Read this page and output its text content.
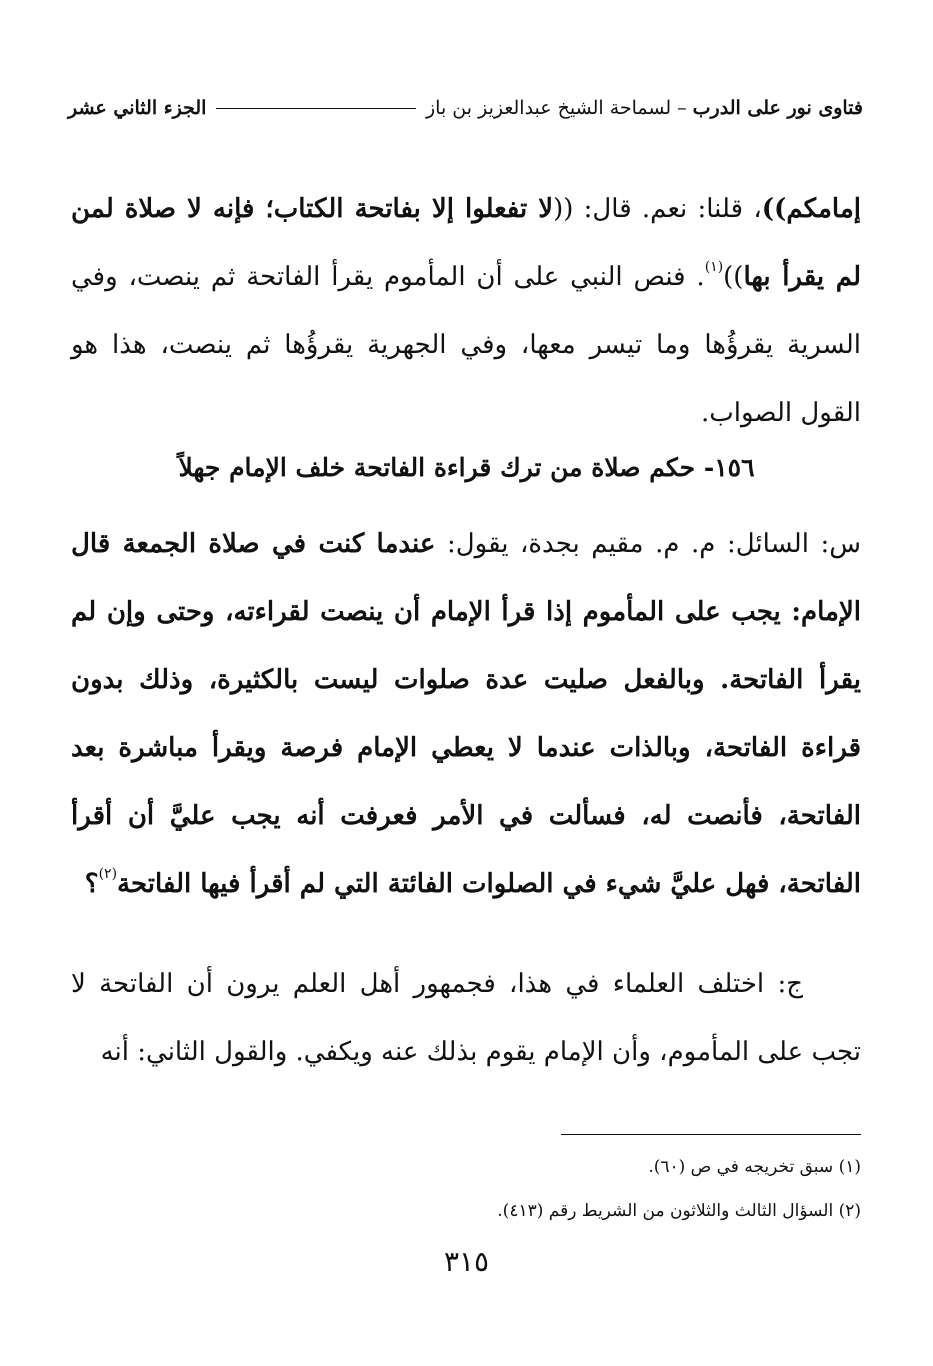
فتاوى نور على الدرب
–
لسماحة الشيخ عبدالعزيز بن باز
الجزء الثاني عشر
إمامكم))، قلنا: نعم. قال: ((لا تفعلوا إلا بفاتحة الكتاب؛ فإنه لا صلاة لمن لم يقرأ بها))$^{(١)}$. فنص النبي على أن المأموم يقرأ الفاتحة ثم ينصت، وفي السرية يقرؤُها وما تيسر معها، وفي الجهرية يقرؤُها ثم ينصت، هذا هو القول الصواب.
١٥٦- حكم صلاة من ترك قراءة الفاتحة خلف الإمام جهلاً
س: السائل: م. م. مقيم بجدة، يقول: عندما كنت في صلاة الجمعة قال الإمام: يجب على المأموم إذا قرأ الإمام أن ينصت لقراءته، وحتى وإن لم يقرأ الفاتحة. وبالفعل صليت عدة صلوات ليست بالكثيرة، وذلك بدون قراءة الفاتحة، وبالذات عندما لا يعطي الإمام فرصة ويقرأ مباشرة بعد الفاتحة، فأنصت له، فسألت في الأمر فعرفت أنه يجب عليَّ أن أقرأ الفاتحة، فهل عليَّ شيء في الصلوات الفائتة التي لم أقرأ فيها الفاتحة$^{(٢)}$؟
ج: اختلف العلماء في هذا، فجمهور أهل العلم يرون أن الفاتحة لا تجب على المأموم، وأن الإمام يقوم بذلك عنه ويكفي. والقول الثاني: أنه
(١) سبق تخريجه في ص (٦٠).
(٢) السؤال الثالث والثلاثون من الشريط رقم (٤١٣).
٣١٥
